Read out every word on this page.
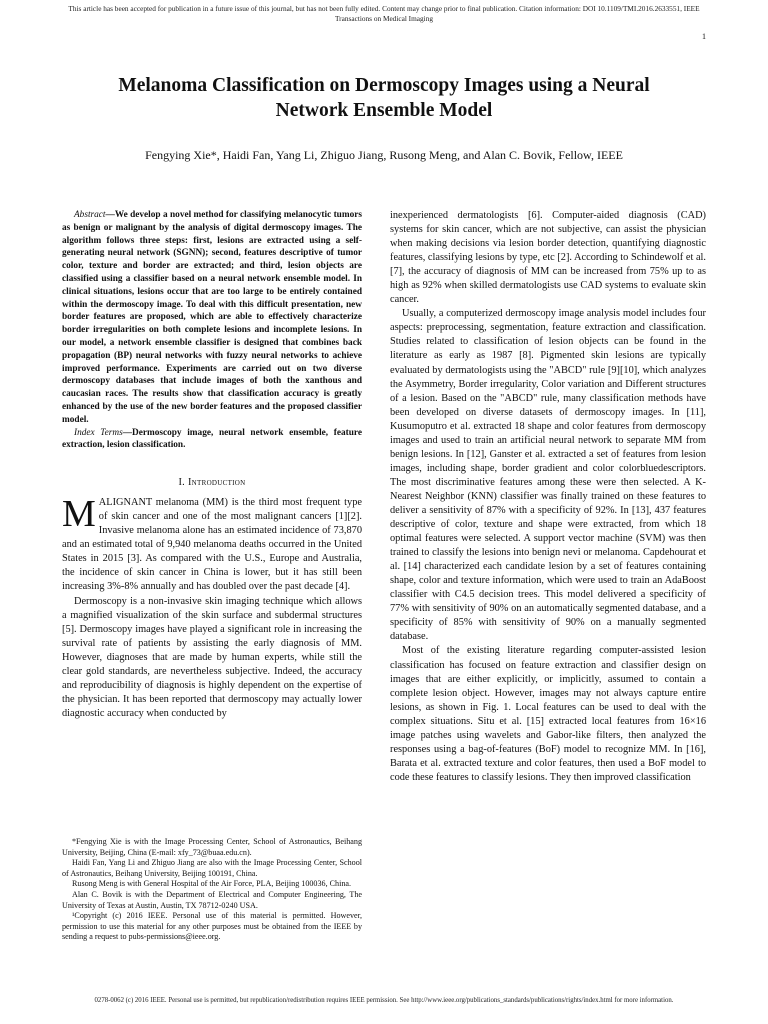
This article has been accepted for publication in a future issue of this journal, but has not been fully edited. Content may change prior to final publication. Citation information: DOI 10.1109/TMI.2016.2633551, IEEE
Transactions on Medical Imaging
1
Melanoma Classification on Dermoscopy Images using a Neural
Network Ensemble Model
Fengying Xie*, Haidi Fan, Yang Li, Zhiguo Jiang, Rusong Meng, and Alan C. Bovik, Fellow, IEEE

Abstract—We develop a novel method for classifying melanocytic tumors as benign or malignant by the analysis of digital dermoscopy images. The algorithm follows three steps: first, lesions are extracted using a self-generating neural network (SGNN); second, features descriptive of tumor color, texture and border are extracted; and third, lesion objects are classified using a classifier based on a neural network ensemble model. In clinical situations, lesions occur that are too large to be entirely contained within the dermoscopy image. To deal with this difficult presentation, new border features are proposed, which are able to effectively characterize border irregularities on both complete lesions and incomplete lesions. In our model, a network ensemble classifier is designed that combines back propagation (BP) neural networks with fuzzy neural networks to achieve improved performance. Experiments are carried out on two diverse dermoscopy databases that include images of both the xanthous and caucasian races. The results show that classification accuracy is greatly enhanced by the use of the new border features and the proposed classifier model.

Index Terms—Dermoscopy image, neural network ensemble, feature extraction, lesion classification.

I. Introduction

MALIGNANT melanoma (MM) is the third most frequent type of skin cancer and one of the most malignant cancers [1][2]. Invasive melanoma alone has an estimated incidence of 73,870 and an estimated total of 9,940 melanoma deaths occurred in the United States in 2015 [3]. As compared with the U.S., Europe and Australia, the incidence of skin cancer in China is lower, but it has still been increasing 3%-8% annually and has doubled over the past decade [4].

Dermoscopy is a non-invasive skin imaging technique which allows a magnified visualization of the skin surface and subdermal structures [5]. Dermoscopy images have played a significant role in increasing the survival rate of patients by assisting the early diagnosis of MM. However, diagnoses that are made by human experts, while still the clear gold standards, are nevertheless subjective. Indeed, the accuracy and reproducibility of diagnosis is highly dependent on the expertise of the physician. It has been reported that dermoscopy may actually lower diagnostic accuracy when conducted by

*Fengying Xie is with the Image Processing Center, School of Astronautics, Beihang University, Beijing, China (E-mail: xfy_73@buaa.edu.cn).

Haidi Fan, Yang Li and Zhiguo Jiang are also with the Image Processing Center, School of Astronautics, Beihang University, Beijing 100191, China.

Rusong Meng is with General Hospital of the Air Force, PLA, Beijing 100036, China.

Alan C. Bovik is with the Department of Electrical and Computer Engineering, The University of Texas at Austin, Austin, TX 78712-0240 USA.

¹Copyright (c) 2016 IEEE. Personal use of this material is permitted. However, permission to use this material for any other purposes must be obtained from the IEEE by sending a request to pubs-permissions@ieee.org.

inexperienced dermatologists [6]. Computer-aided diagnosis (CAD) systems for skin cancer, which are not subjective, can assist the physician when making decisions via lesion border detection, quantifying diagnostic features, classifying lesions by type, etc [2]. According to Schindewolf et al. [7], the accuracy of diagnosis of MM can be increased from 75% up to as high as 92% when skilled dermatologists use CAD systems to evaluate skin cancer.

Usually, a computerized dermoscopy image analysis model includes four aspects: preprocessing, segmentation, feature extraction and classification. Studies related to classification of lesion objects can be found in the literature as early as 1987 [8]. Pigmented skin lesions are typically evaluated by dermatologists using the "ABCD" rule [9][10], which analyzes the Asymmetry, Border irregularity, Color variation and Different structures of a lesion. Based on the "ABCD" rule, many classification methods have been developed on diverse datasets of dermoscopy images. In [11], Kusumoputro et al. extracted 18 shape and color features from dermoscopy images and used to train an artificial neural network to separate MM from benign lesions. In [12], Ganster et al. extracted a set of features from lesion images, including shape, border gradient and color colorbluedescriptors. The most discriminative features among these were then selected. A K-Nearest Neighbor (KNN) classifier was finally trained on these features to deliver a sensitivity of 87% with a specificity of 92%. In [13], 437 features descriptive of color, texture and shape were extracted, from which 18 optimal features were selected. A support vector machine (SVM) was then trained to classify the lesions into benign nevi or melanoma. Capdehourat et al. [14] characterized each candidate lesion by a set of features containing shape, color and texture information, which were used to train an AdaBoost classifier with C4.5 decision trees. This model delivered a specificity of 77% with sensitivity of 90% on an automatically segmented database, and a specificity of 85% with sensitivity of 90% on a manually segmented database.

Most of the existing literature regarding computer-assisted lesion classification has focused on feature extraction and classifier design on images that are either explicitly, or implicitly, assumed to contain a complete lesion object. However, images may not always capture entire lesions, as shown in Fig. 1. Local features can be used to deal with the complex situations. Situ et al. [15] extracted local features from 16×16 image patches using wavelets and Gabor-like filters, then analyzed the responses using a bag-of-features (BoF) model to recognize MM. In [16], Barata et al. extracted texture and color features, then used a BoF model to code these features to classify lesions. They then improved classification

0278-0062 (c) 2016 IEEE. Personal use is permitted, but republication/redistribution requires IEEE permission. See http://www.ieee.org/publications_standards/publications/rights/index.html for more information.
